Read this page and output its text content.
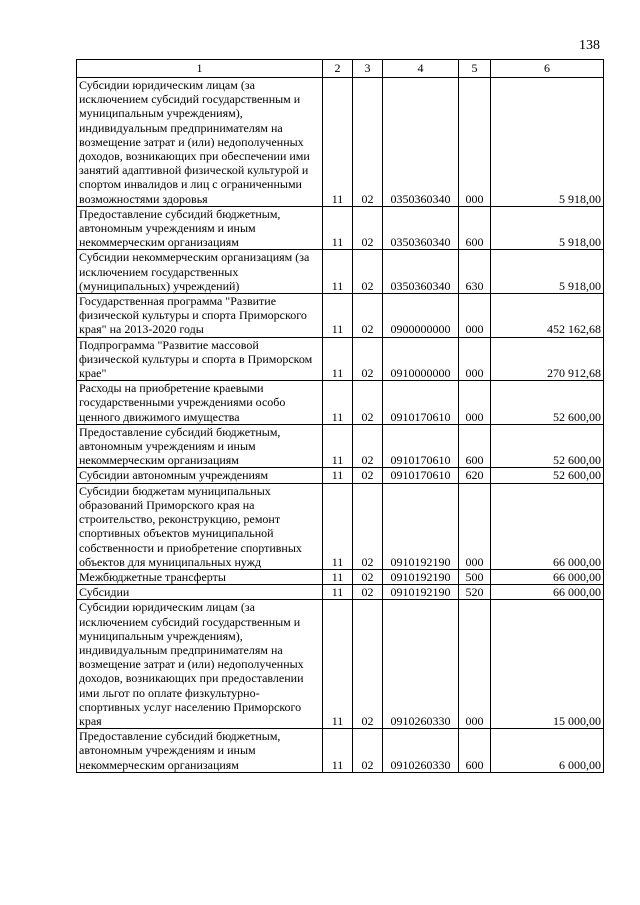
138
1	2	3	4	5	6
Субсидии юридическим лицам (за исключением субсидий государственным и муниципальным учреждениям), индивидуальным предпринимателям на возмещение затрат и (или) недополученных доходов, возникающих при обеспечении ими занятий адаптивной физической культурой и спортом инвалидов и лиц с ограниченными возможностями здоровья	11	02	0350360340	000	5 918,00
Предоставление субсидий бюджетным, автономным учреждениям и иным некоммерческим организациям	11	02	0350360340	600	5 918,00
Субсидии некоммерческим организациям (за исключением государственных (муниципальных) учреждений)	11	02	0350360340	630	5 918,00
Государственная программа "Развитие физической культуры и спорта Приморского края" на 2013-2020 годы	11	02	0900000000	000	452 162,68
Подпрограмма "Развитие массовой физической культуры и спорта в Приморском крае"	11	02	0910000000	000	270 912,68
Расходы на приобретение краевыми государственными учреждениями особо ценного движимого имущества	11	02	0910170610	000	52 600,00
Предоставление субсидий бюджетным, автономным учреждениям и иным некоммерческим организациям	11	02	0910170610	600	52 600,00
Субсидии автономным учреждениям	11	02	0910170610	620	52 600,00
Субсидии бюджетам муниципальных образований Приморского края на строительство, реконструкцию, ремонт спортивных объектов муниципальной собственности и приобретение спортивных объектов для муниципальных нужд	11	02	0910192190	000	66 000,00
Межбюджетные трансферты	11	02	0910192190	500	66 000,00
Субсидии	11	02	0910192190	520	66 000,00
Субсидии юридическим лицам (за исключением субсидий государственным и муниципальным учреждениям), индивидуальным предпринимателям на возмещение затрат и (или) недополученных доходов, возникающих при предоставлении ими льгот по оплате физкультурно-спортивных услуг населению Приморского края	11	02	0910260330	000	15 000,00
Предоставление субсидий бюджетным, автономным учреждениям и иным некоммерческим организациям	11	02	0910260330	600	6 000,00
